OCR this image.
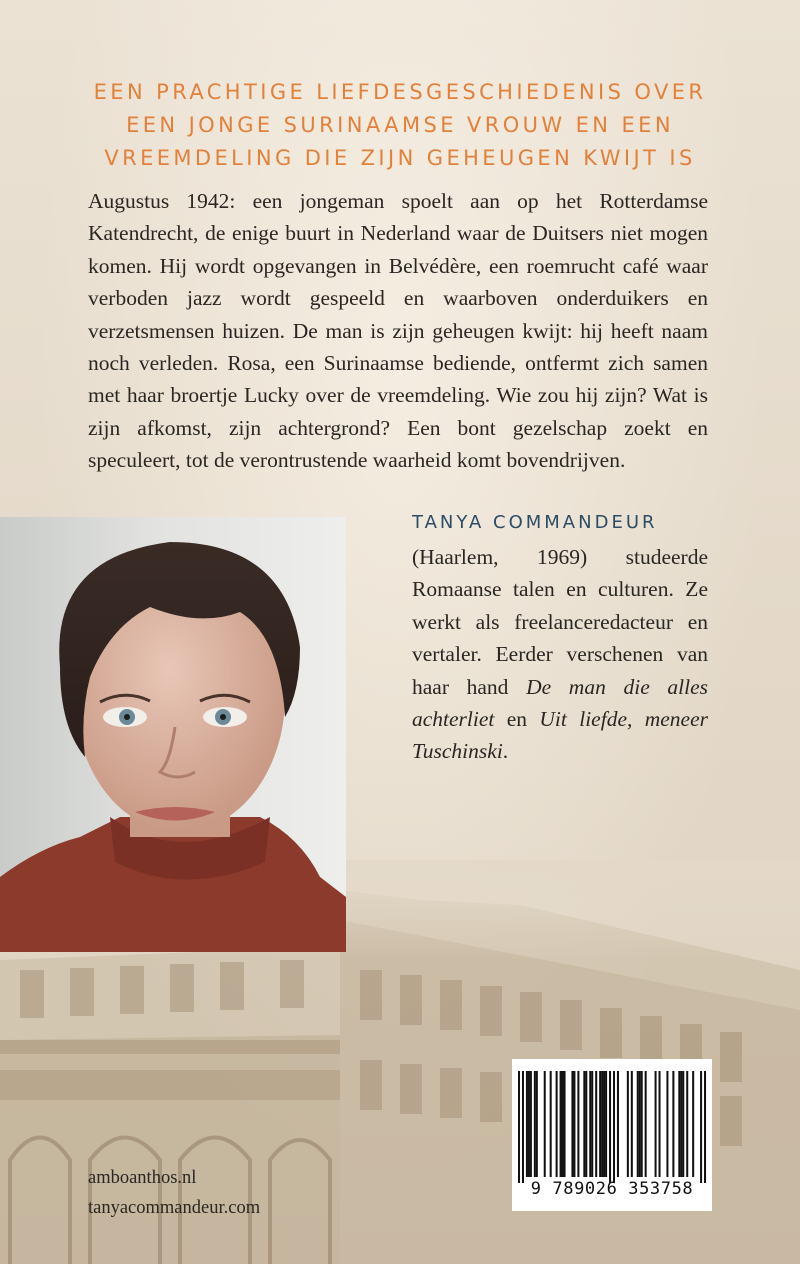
EEN PRACHTIGE LIEFDESGESCHIEDENIS OVER
EEN JONGE SURINAAMSE VROUW EN EEN
VREEMDELING DIE ZIJN GEHEUGEN KWIJT IS

Augustus 1942: een jongeman spoelt aan op het Rotterdamse Katendrecht, de enige buurt in Nederland waar de Duitsers niet mogen komen. Hij wordt opgevangen in Belvédère, een roemrucht café waar verboden jazz wordt gespeeld en waarboven onderduikers en verzetsmensen huizen. De man is zijn geheugen kwijt: hij heeft naam noch verleden. Rosa, een Surinaamse bediende, ontfermt zich samen met haar broertje Lucky over de vreemdeling. Wie zou hij zijn? Wat is zijn afkomst, zijn achtergrond? Een bont gezelschap zoekt en speculeert, tot de verontrustende waarheid komt bovendrijven.

TANYA COMMANDEUR

(Haarlem, 1969) studeerde Romaanse talen en culturen. Ze werkt als freelanceredacteur en vertaler. Eerder verschenen van haar hand De man die alles achterliet en Uit liefde, meneer Tuschinski.

amboanthos.nl
tanyacommandeur.com
9 789026 353758
